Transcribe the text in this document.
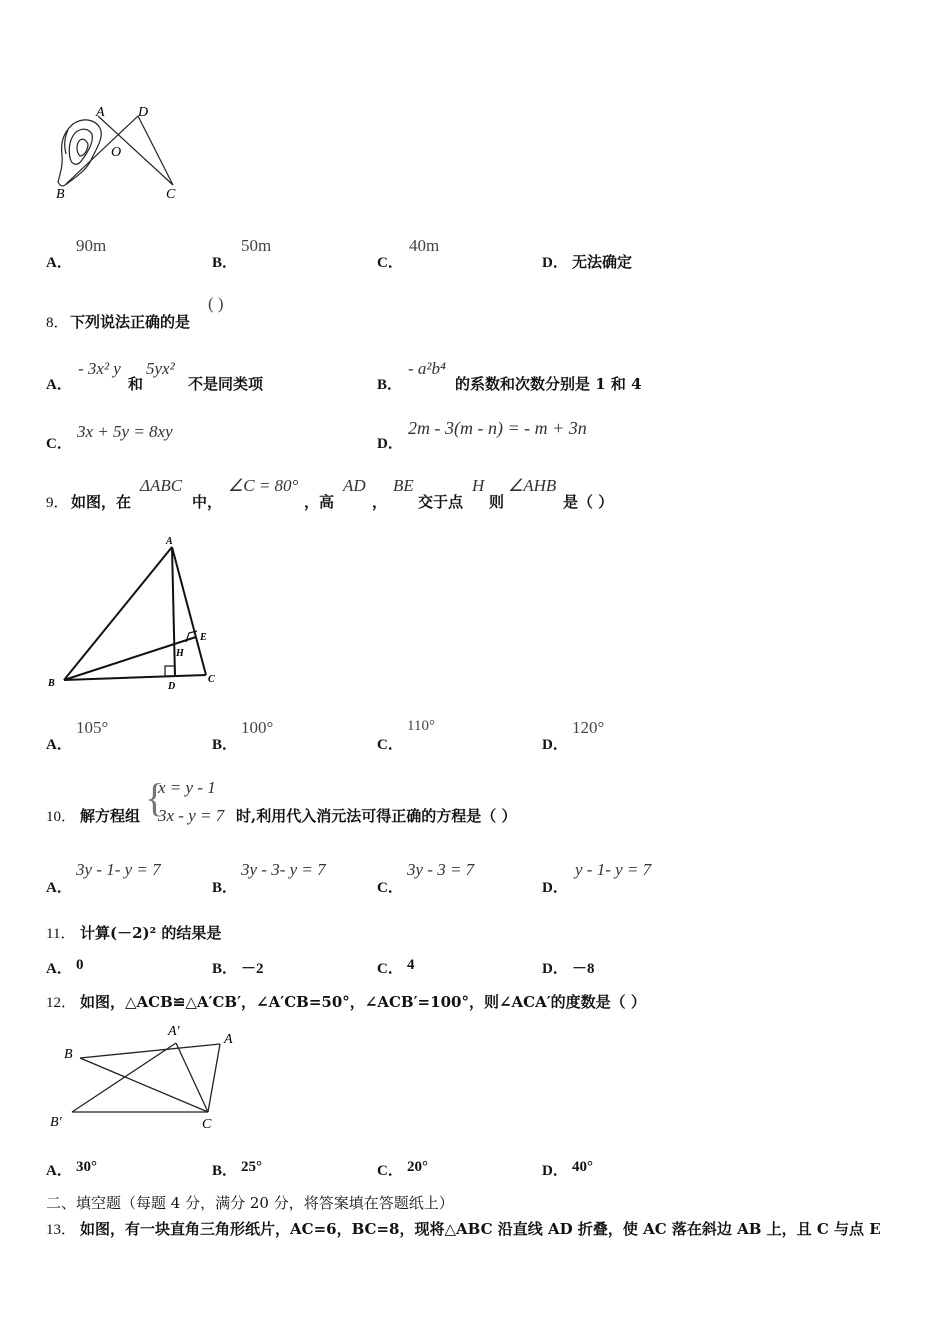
A D
O
B	C
A．
90m
B．
50m
C．
40m
D． 无法确定
8． 下列说法正确的是
( )
A．
- 3x² y
和
5yx²
不是同类项	B．
- a²b⁴
的系数和次数分别是 1 和 4
C．
3x + 5y = 8xy
D．
2m - 3(m - n) = - m + 3n
9． 如图，在
ΔABC
中，
∠C = 80°
，高
AD
，
BE
交于点
H
则
∠AHB
是（ ）
A
E
H
B	D
C
A．
105°
B．
100°
C．
110°
D．
120°
10． 解方程组 {
x = y - 1
3x - y = 7 时,利用代入消元法可得正确的方程是（ ）
A．
3y - 1- y = 7
B．
3y - 3- y = 7
C．
3y - 3 = 7
D．
y - 1- y = 7
11． 计算(－2)² 的结果是
A． 0	B． －2	C． 4	D． －8
12． 如图，△ACB≌△A′CB′，∠A′CB=50°，∠ACB′=100°，则∠ACA′的度数是（ ）
A′
A
B
B′	C
A． 30°	B． 25°	C． 20°	D． 40°
二、填空题（每题 4 分，满分 20 分，将答案填在答题纸上）
13． 如图，有一块直角三角形纸片，AC=6，BC=8，现将△ABC 沿直线 AD 折叠，使 AC 落在斜边 AB 上，且 C 与点 E
